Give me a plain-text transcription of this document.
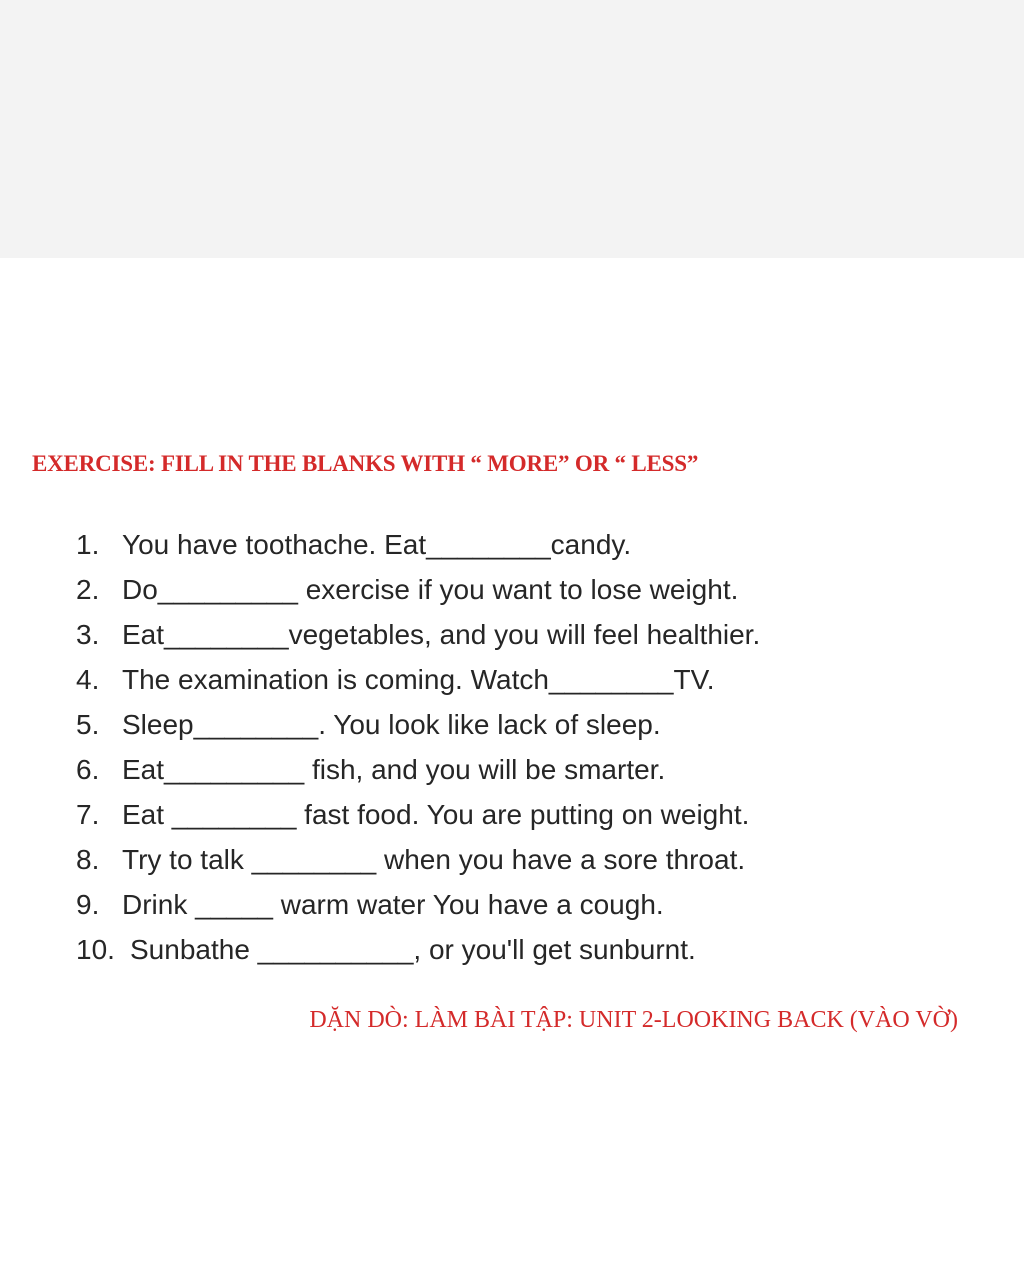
EXERCISE: FILL IN THE BLANKS WITH “ MORE” OR “ LESS”
1. You have toothache. Eat________candy.
2. Do_________ exercise if you want to lose weight.
3. Eat________vegetables, and you will feel healthier.
4. The examination is coming. Watch________TV.
5. Sleep________. You look like lack of sleep.
6. Eat_________ fish, and you will be smarter.
7. Eat ________ fast food. You are putting on weight.
8. Try to talk ________ when you have a sore throat.
9. Drink _____ warm water You have a cough.
10. Sunbathe __________, or you'll get sunburnt.
DẶN DÒ: LÀM BÀI TẬP: UNIT 2-LOOKING BACK (VÀO VỜ)
